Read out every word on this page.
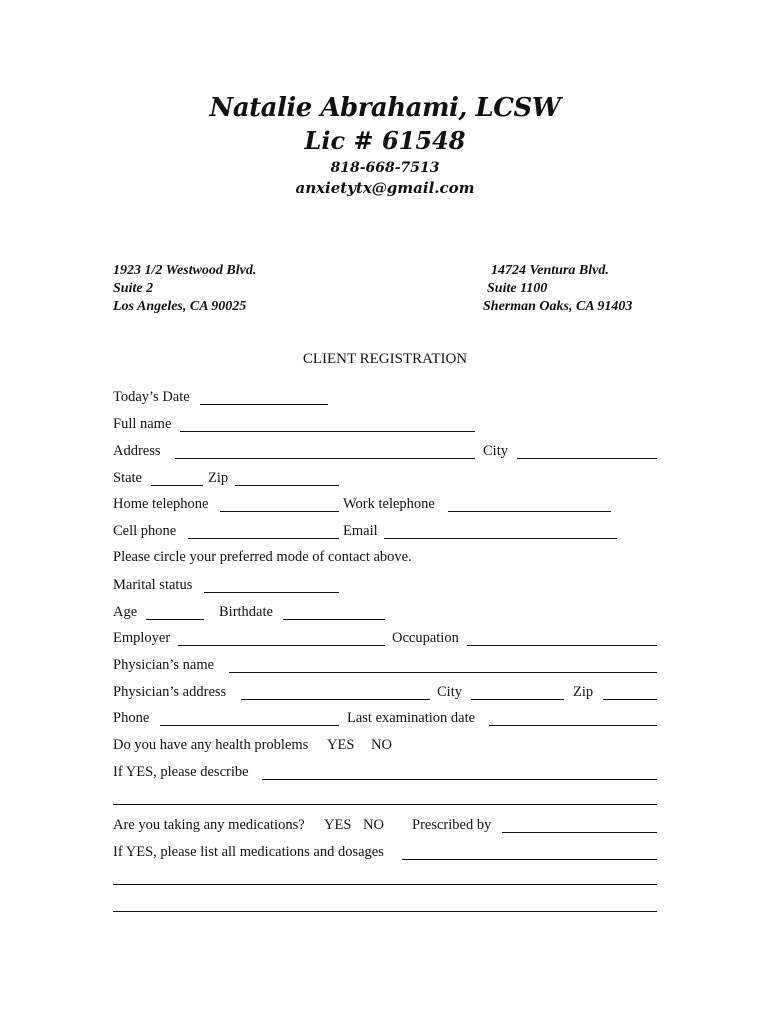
Natalie Abrahami, LCSW
Lic # 61548
818-668-7513
anxietytx@gmail.com
1923 1/2 Westwood Blvd.
Suite 2
Los Angeles, CA 90025
14724 Ventura Blvd.
Suite 1100
Sherman Oaks, CA 91403
CLIENT REGISTRATION
Today’s Date
Full name
Address	City
State	Zip
Home telephone	Work telephone
Cell phone	Email
Please circle your preferred mode of contact above.
Marital status
Age	Birthdate
Employer	Occupation
Physician’s name
Physician’s address	City	Zip
Phone	Last examination date
Do you have any health problems YES NO
If YES, please describe
Are you taking any medications? YES NO Prescribed by
If YES, please list all medications and dosages
